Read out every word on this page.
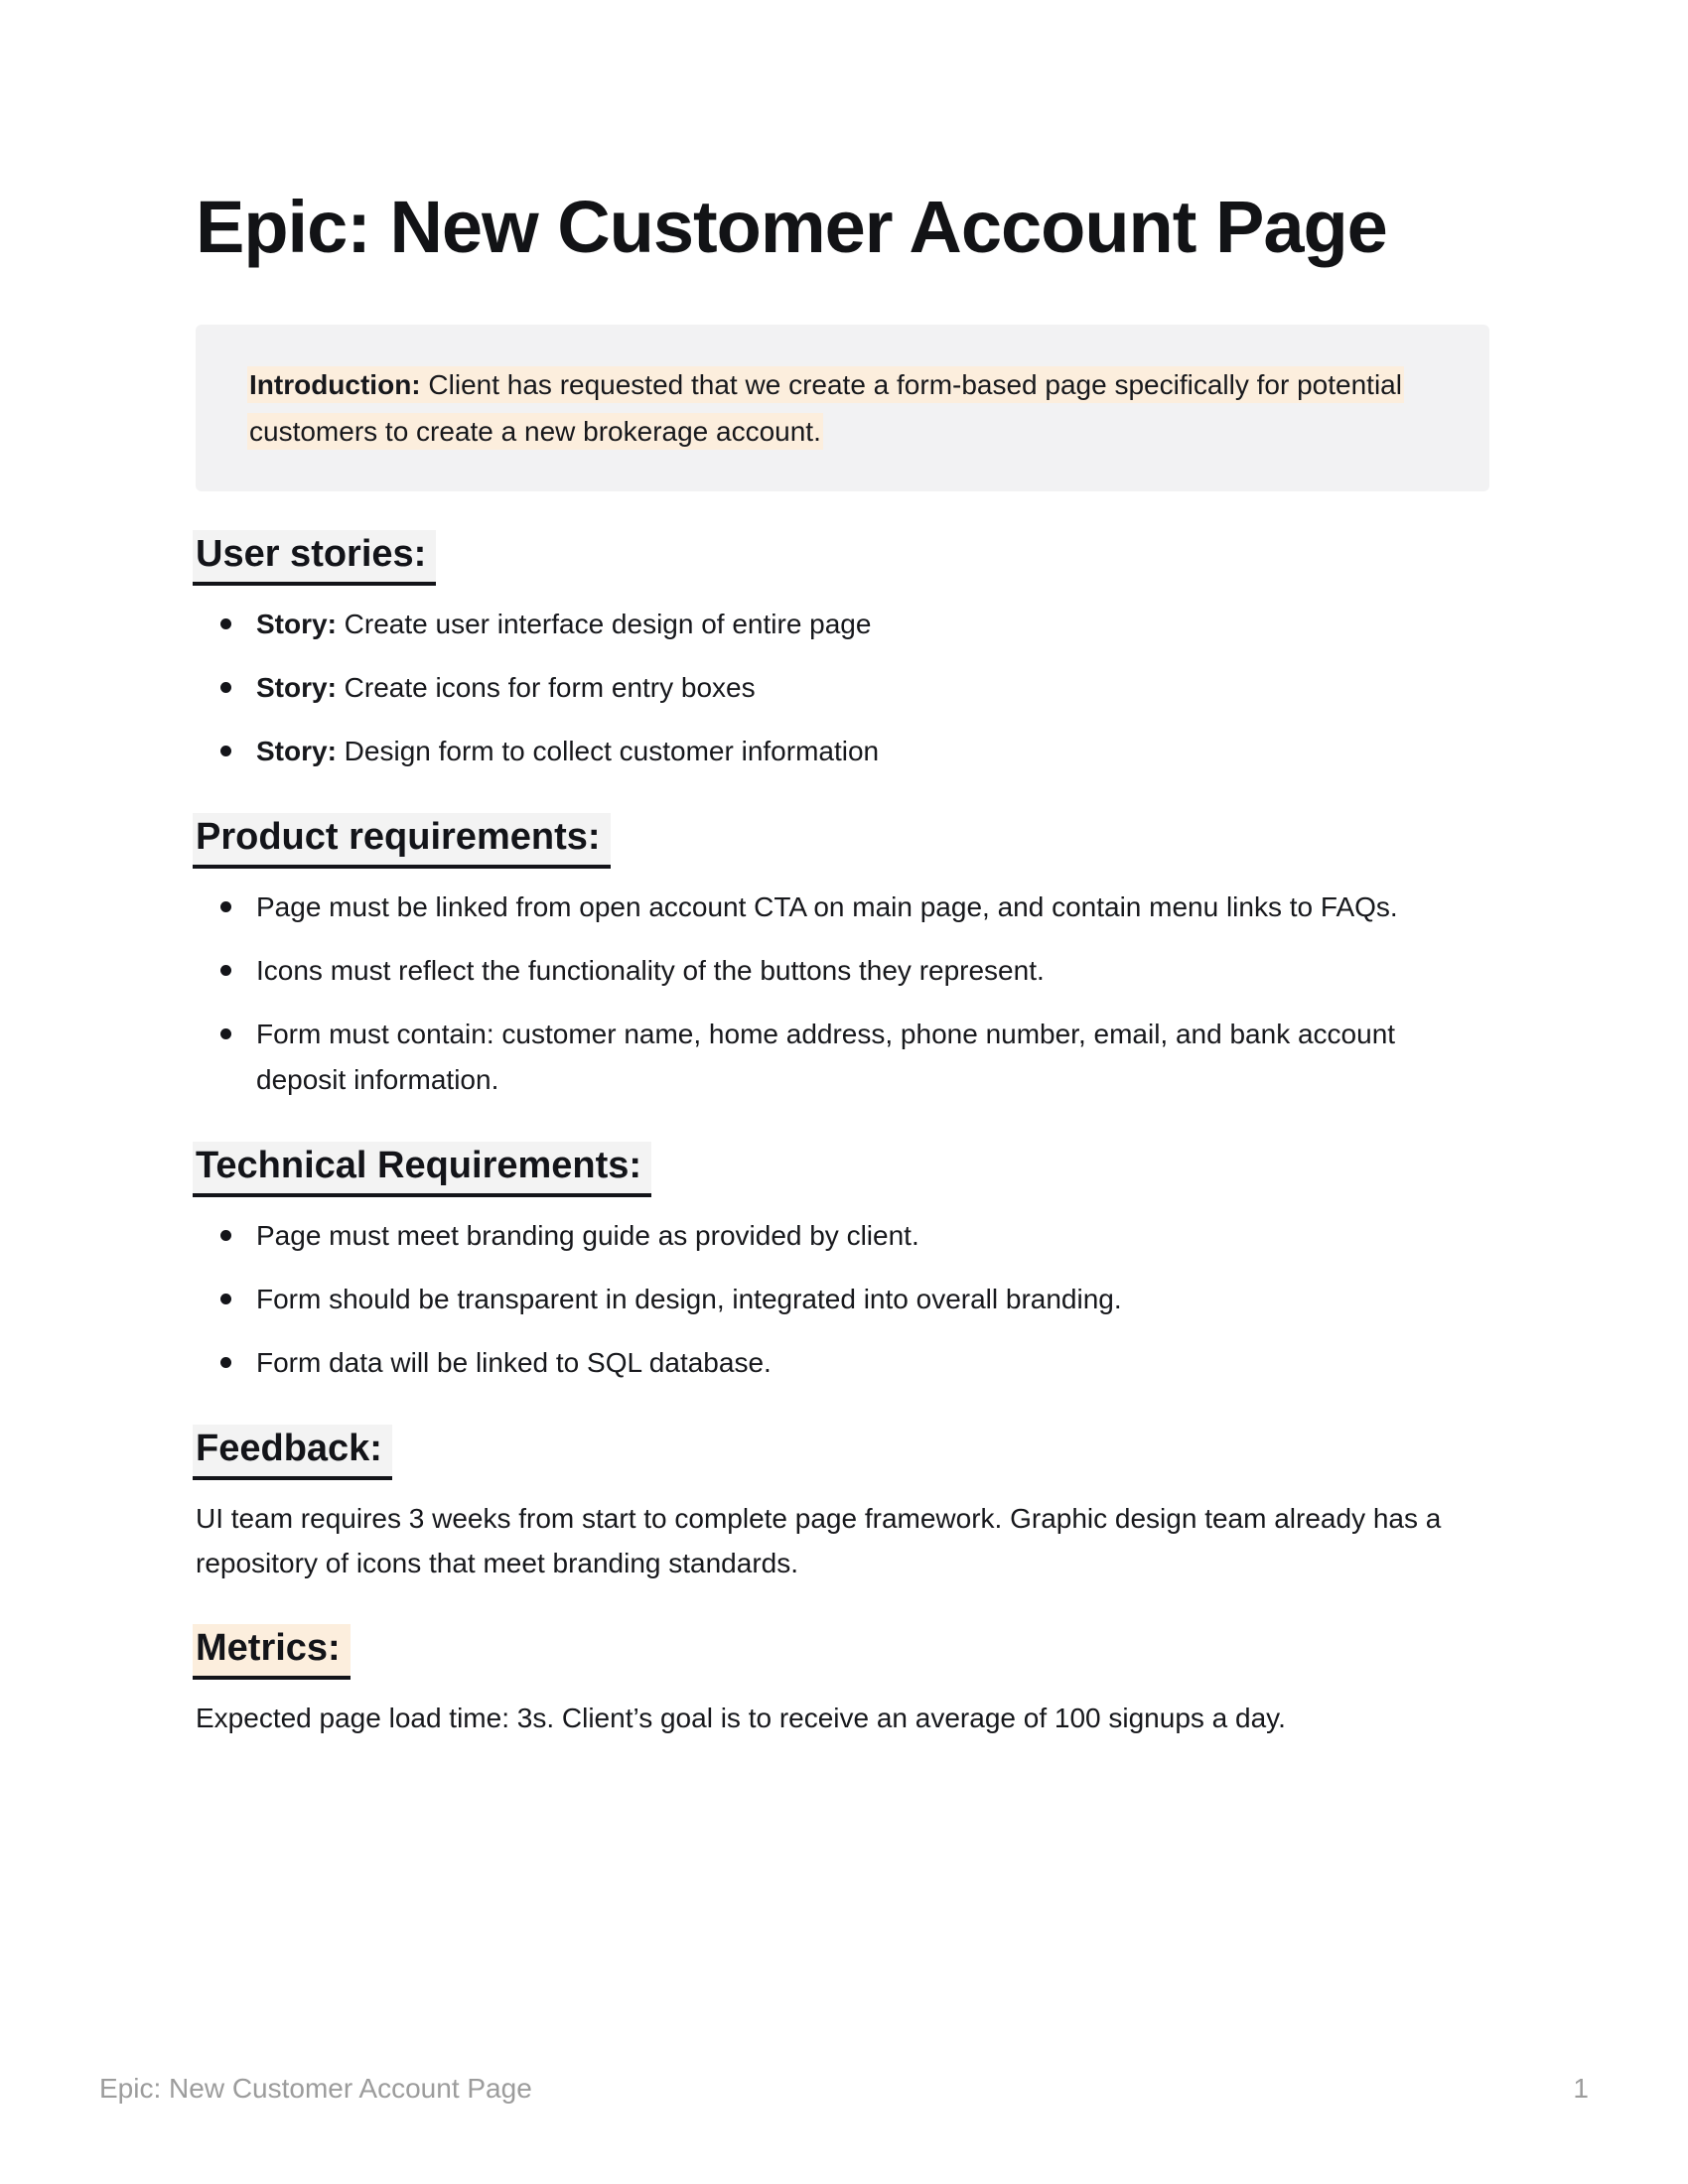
Epic: New Customer Account Page

Introduction: Client has requested that we create a form-based page specifically for potential customers to create a new brokerage account.

User stories:
Story: Create user interface design of entire page
Story: Create icons for form entry boxes
Story: Design form to collect customer information
Product requirements:
Page must be linked from open account CTA on main page, and contain menu links to FAQs.
Icons must reflect the functionality of the buttons they represent.
Form must contain: customer name, home address, phone number, email, and bank account deposit information.
Technical Requirements:
Page must meet branding guide as provided by client.
Form should be transparent in design, integrated into overall branding.
Form data will be linked to SQL database.
Feedback:

UI team requires 3 weeks from start to complete page framework. Graphic design team already has a repository of icons that meet branding standards.

Metrics:

Expected page load time: 3s. Client’s goal is to receive an average of 100 signups a day.

Epic: New Customer Account Page	1
